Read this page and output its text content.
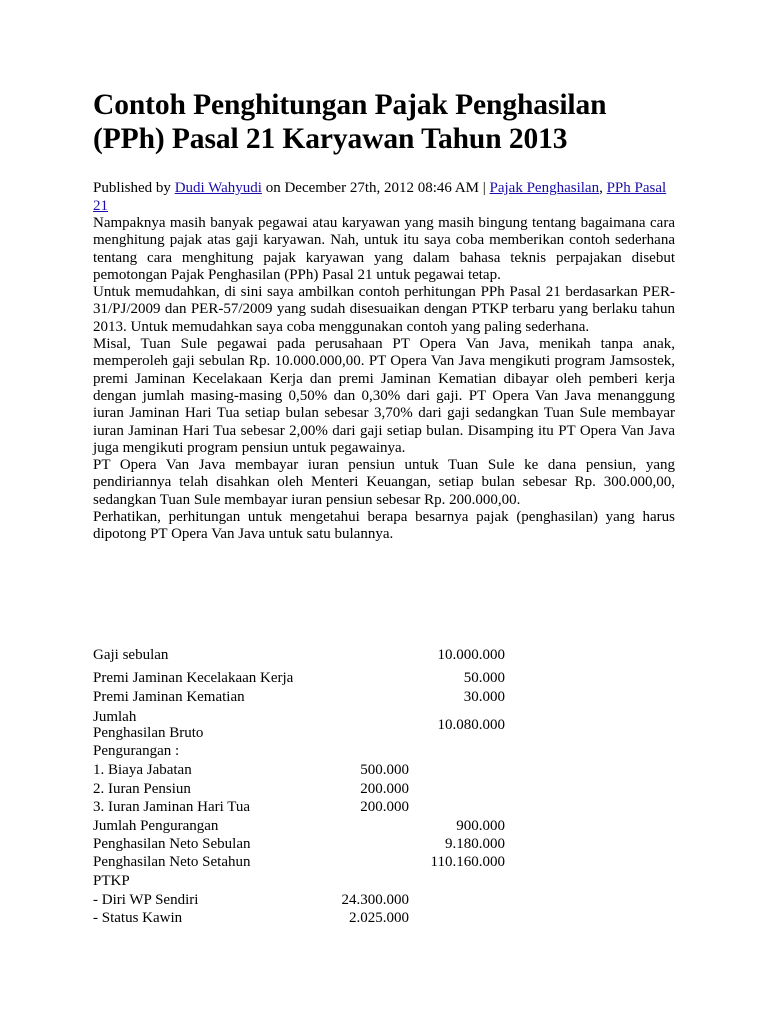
Contoh Penghitungan Pajak Penghasilan
(PPh) Pasal 21 Karyawan Tahun 2013
Published by Dudi Wahyudi on December 27th, 2012 08:46 AM | Pajak Penghasilan, PPh Pasal 21

Nampaknya masih banyak pegawai atau karyawan yang masih bingung tentang bagaimana cara menghitung pajak atas gaji karyawan. Nah, untuk itu saya coba memberikan contoh sederhana tentang cara menghitung pajak karyawan yang dalam bahasa teknis perpajakan disebut pemotongan Pajak Penghasilan (PPh) Pasal 21 untuk pegawai tetap.

Untuk memudahkan, di sini saya ambilkan contoh perhitungan PPh Pasal 21 berdasarkan PER-31/PJ/2009 dan PER-57/2009 yang sudah disesuaikan dengan PTKP terbaru yang berlaku tahun 2013. Untuk memudahkan saya coba menggunakan contoh yang paling sederhana.

Misal, Tuan Sule pegawai pada perusahaan PT Opera Van Java, menikah tanpa anak, memperoleh gaji sebulan Rp. 10.000.000,00. PT Opera Van Java mengikuti program Jamsostek, premi Jaminan Kecelakaan Kerja dan premi Jaminan Kematian dibayar oleh pemberi kerja dengan jumlah masing-masing 0,50% dan 0,30% dari gaji. PT Opera Van Java menanggung iuran Jaminan Hari Tua setiap bulan sebesar 3,70% dari gaji sedangkan Tuan Sule membayar iuran Jaminan Hari Tua sebesar 2,00% dari gaji setiap bulan. Disamping itu PT Opera Van Java juga mengikuti program pensiun untuk pegawainya.

PT Opera Van Java membayar iuran pensiun untuk Tuan Sule ke dana pensiun, yang pendiriannya telah disahkan oleh Menteri Keuangan, setiap bulan sebesar Rp. 300.000,00, sedangkan Tuan Sule membayar iuran pensiun sebesar Rp. 200.000,00.

Perhatikan, perhitungan untuk mengetahui berapa besarnya pajak (penghasilan) yang harus dipotong PT Opera Van Java untuk satu bulannya.

Gaji sebulan	10.000.000
Premi Jaminan Kecelakaan Kerja	50.000
Premi Jaminan Kematian	30.000
Jumlah	10.080.000
Penghasilan Bruto
Pengurangan :
1. Biaya Jabatan	500.000
2. Iuran Pensiun	200.000
3. Iuran Jaminan Hari Tua	200.000
Jumlah Pengurangan	900.000
Penghasilan Neto Sebulan	9.180.000
Penghasilan Neto Setahun	110.160.000
PTKP
- Diri WP Sendiri	24.300.000
- Status Kawin	2.025.000
